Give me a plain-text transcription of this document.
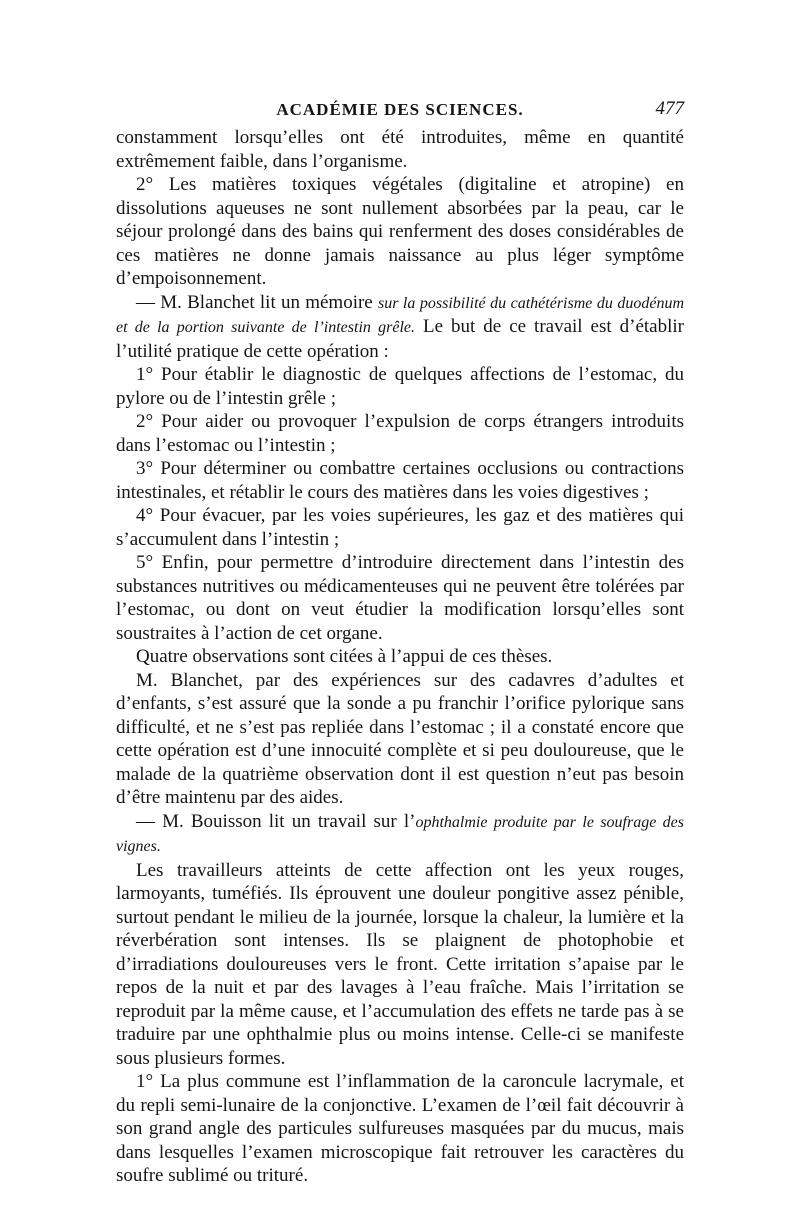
ACADÉMIE DES SCIENCES.	477

constamment lorsqu’elles ont été introduites, même en quantité extrêmement faible, dans l’organisme.

2° Les matières toxiques végétales (digitaline et atropine) en dissolutions aqueuses ne sont nullement absorbées par la peau, car le séjour prolongé dans des bains qui renferment des doses considérables de ces matières ne donne jamais naissance au plus léger symptôme d’empoisonnement.

— M. Blanchet lit un mémoire sur la possibilité du cathétérisme du duodénum et de la portion suivante de l’intestin grêle. Le but de ce travail est d’établir l’utilité pratique de cette opération :

1° Pour établir le diagnostic de quelques affections de l’estomac, du pylore ou de l’intestin grêle ;

2° Pour aider ou provoquer l’expulsion de corps étrangers introduits dans l’estomac ou l’intestin ;

3° Pour déterminer ou combattre certaines occlusions ou contractions intestinales, et rétablir le cours des matières dans les voies digestives ;

4° Pour évacuer, par les voies supérieures, les gaz et des matières qui s’accumulent dans l’intestin ;

5° Enfin, pour permettre d’introduire directement dans l’intestin des substances nutritives ou médicamenteuses qui ne peuvent être tolérées par l’estomac, ou dont on veut étudier la modification lorsqu’elles sont soustraites à l’action de cet organe.

Quatre observations sont citées à l’appui de ces thèses.

M. Blanchet, par des expériences sur des cadavres d’adultes et d’enfants, s’est assuré que la sonde a pu franchir l’orifice pylorique sans difficulté, et ne s’est pas repliée dans l’estomac ; il a constaté encore que cette opération est d’une innocuité complète et si peu douloureuse, que le malade de la quatrième observation dont il est question n’eut pas besoin d’être maintenu par des aides.

— M. Bouisson lit un travail sur l’ophthalmie produite par le soufrage des vignes.

Les travailleurs atteints de cette affection ont les yeux rouges, larmoyants, tuméfiés. Ils éprouvent une douleur pongitive assez pénible, surtout pendant le milieu de la journée, lorsque la chaleur, la lumière et la réverbération sont intenses. Ils se plaignent de photophobie et d’irradiations douloureuses vers le front. Cette irritation s’apaise par le repos de la nuit et par des lavages à l’eau fraîche. Mais l’irritation se reproduit par la même cause, et l’accumulation des effets ne tarde pas à se traduire par une ophthalmie plus ou moins intense. Celle-ci se manifeste sous plusieurs formes.

1° La plus commune est l’inflammation de la caroncule lacrymale, et du repli semi-lunaire de la conjonctive. L’examen de l’œil fait découvrir à son grand angle des particules sulfureuses masquées par du mucus, mais dans lesquelles l’examen microscopique fait retrouver les caractères du soufre sublimé ou trituré.
